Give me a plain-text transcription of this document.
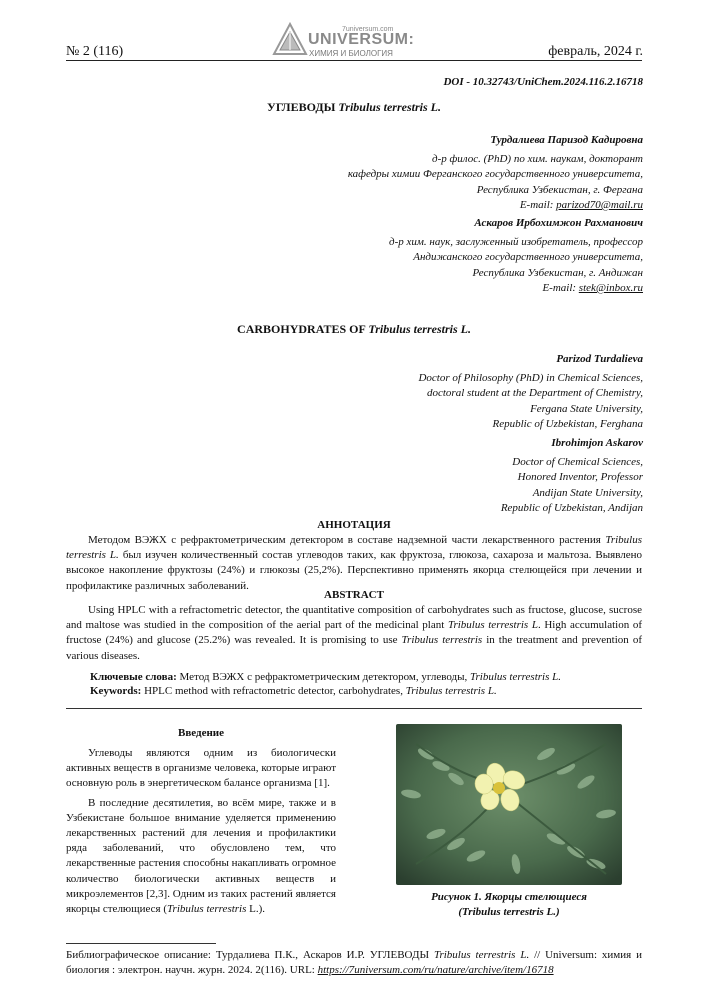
№ 2 (116)
7universum.com
UNIVERSUM:
ХИМИЯ И БИОЛОГИЯ	февраль, 2024 г.
DOI - 10.32743/UniChem.2024.116.2.16718
УГЛЕВОДЫ Tribulus terrestris L.
Турдалиева Паризод Кадировна
д-р филос. (PhD) по хим. наукам, докторант
кафедры химии Ферганского государственного университета,
Республика Узбекистан, г. Фергана
E-mail: parizod70@mail.ru
Аскаров Ирбохимжон Рахманович
д-р хим. наук, заслуженный изобретатель, профессор
Андижанского государственного университета,
Республика Узбекистан, г. Андижан
E-mail: stek@inbox.ru
CARBOHYDRATES OF Tribulus terrestris L.
Parizod Turdalieva
Doctor of Philosophy (PhD) in Chemical Sciences,
doctoral student at the Department of Chemistry,
Fergana State University,
Republic of Uzbekistan, Ferghana
Ibrohimjon Askarov
Doctor of Chemical Sciences,
Honored Inventor, Professor
Andijan State University,
Republic of Uzbekistan, Andijan
АННОТАЦИЯ
Методом ВЭЖХ с рефрактометрическим детектором в составе надземной части лекарственного растения Tribulus terrestris L. был изучен количественный состав углеводов таких, как фруктоза, глюкоза, сахароза и мальтоза. Выявлено высокое накопление фруктозы (24%) и глюкозы (25,2%). Перспективно применять якорца стелющейся при лечении и профилактике различных заболеваний.
ABSTRACT
Using HPLC with a refractometric detector, the quantitative composition of carbohydrates such as fructose, glucose, sucrose and maltose was studied in the composition of the aerial part of the medicinal plant Tribulus terrestris L. High accumulation of fructose (24%) and glucose (25.2%) was revealed. It is promising to use Tribulus terrestris in the treatment and prevention of various diseases.
Ключевые слова: Метод ВЭЖХ с рефрактометрическим детектором, углеводы, Tribulus terrestris L.
Keywords: HPLC method with refractometric detector, carbohydrates, Tribulus terrestris L.
Введение

Углеводы являются одним из биологически активных веществ в организме человека, которые играют основную роль в энергетическом балансе организма [1].

В последние десятилетия, во всём мире, также и в Узбекистане большое внимание уделяется применению лекарственных растений для лечения и профилактики ряда заболеваний, что обусловлено тем, что лекарственные растения способны накапливать огромное количество биологически активных веществ и микроэлементов [2,3]. Одним из таких растений является якорцы стелющиеся (Tribulus terrestris L.).

Рисунок 1. Якорцы стелющиеся
(Tribulus terrestris L.)
Библиографическое описание: Турдалиева П.К., Аскаров И.Р. УГЛЕВОДЫ Tribulus terrestris L. // Universum: химия и биология : электрон. научн. журн. 2024. 2(116). URL: https://7universum.com/ru/nature/archive/item/16718
